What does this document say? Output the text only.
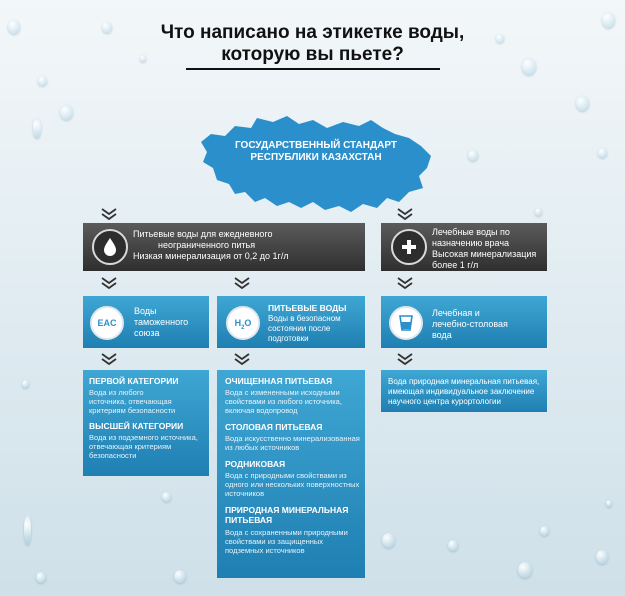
Что написано на этикетке воды,
которую вы пьете?
ГОСУДАРСТВЕННЫЙ СТАНДАРТ
РЕСПУБЛИКИ КАЗАХСТАН
Питьевые воды для ежедневного
неограниченного питья
Низкая минерализация от 0,2 до 1г/л
Лечебные воды по
назначению врача
Высокая минерализация
более 1 г/л
EAC
Воды
таможенного
союза
$H_2O$
ПИТЬЕВЫЕ ВОДЫ
Воды в безопасном
состоянии после
подготовки
Лечебная и
лечебно-столовая
вода
ПЕРВОЙ КАТЕГОРИИ
Вода из любого
источника, отвечающая
критериям безопасности
ВЫСШЕЙ КАТЕГОРИИ
Вода из подземного источника,
отвечающая критериям
безопасности
ОЧИЩЕННАЯ ПИТЬЕВАЯ
Вода с измененными исходными
свойствами из любого источника,
включая водопровод
СТОЛОВАЯ ПИТЬЕВАЯ
Вода искусственно минерализованная
из любых источников
РОДНИКОВАЯ
Вода с природными свойствами из
одного или нескольких поверхностных
источников
ПРИРОДНАЯ МИНЕРАЛЬНАЯ
ПИТЬЕВАЯ
Вода с сохраненными природными
свойствами из защищенных
подземных источников
Вода природная минеральная питьевая,
имеющая индивидуальное заключение
научного центра курортологии
